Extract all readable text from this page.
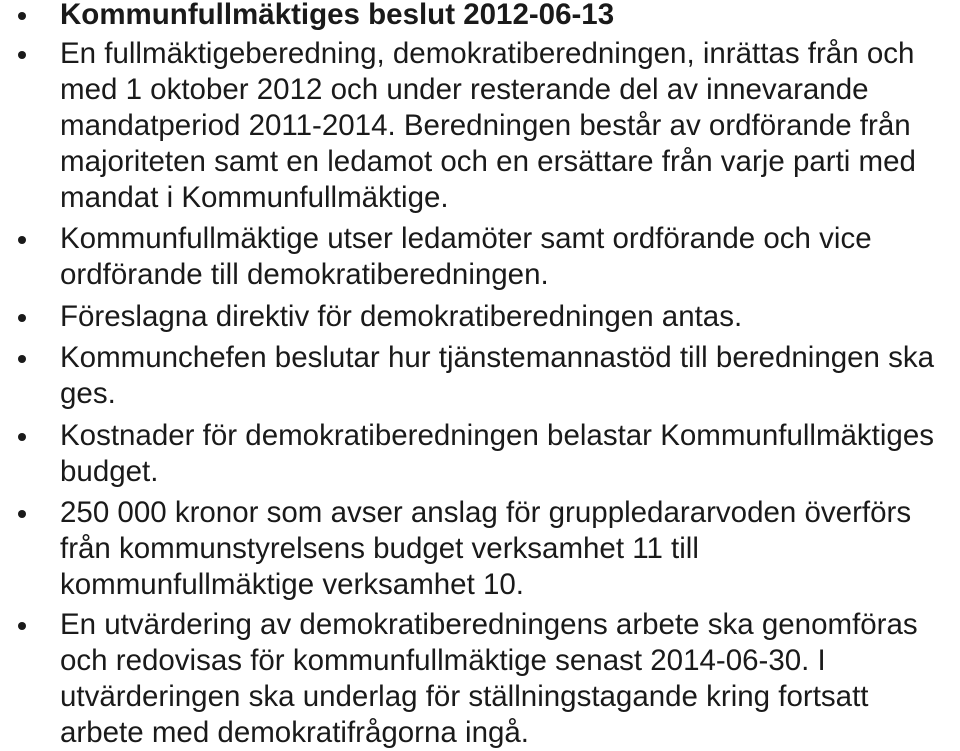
Kommunfullmäktiges beslut 2012-06-13
En fullmäktigeberedning, demokratiberedningen, inrättas från och med 1 oktober 2012 och under resterande del av innevarande mandatperiod 2011-2014. Beredningen består av ordförande från majoriteten samt en ledamot och en ersättare från varje parti med mandat i Kommunfullmäktige.
Kommunfullmäktige utser ledamöter samt ordförande och vice ordförande till demokratiberedningen.
Föreslagna direktiv för demokratiberedningen antas.
Kommunchefen beslutar hur tjänstemannastöd till beredningen ska ges.
Kostnader för demokratiberedningen belastar Kommunfullmäktiges budget.
250 000 kronor som avser anslag för gruppledararvoden överförs från kommunstyrelsens budget verksamhet 11 till kommunfullmäktige verksamhet 10.
En utvärdering av demokratiberedningens arbete ska genomföras och redovisas för kommunfullmäktige senast 2014-06-30. I utvärderingen ska underlag för ställningstagande kring fortsatt arbete med demokratifrågorna ingå.
